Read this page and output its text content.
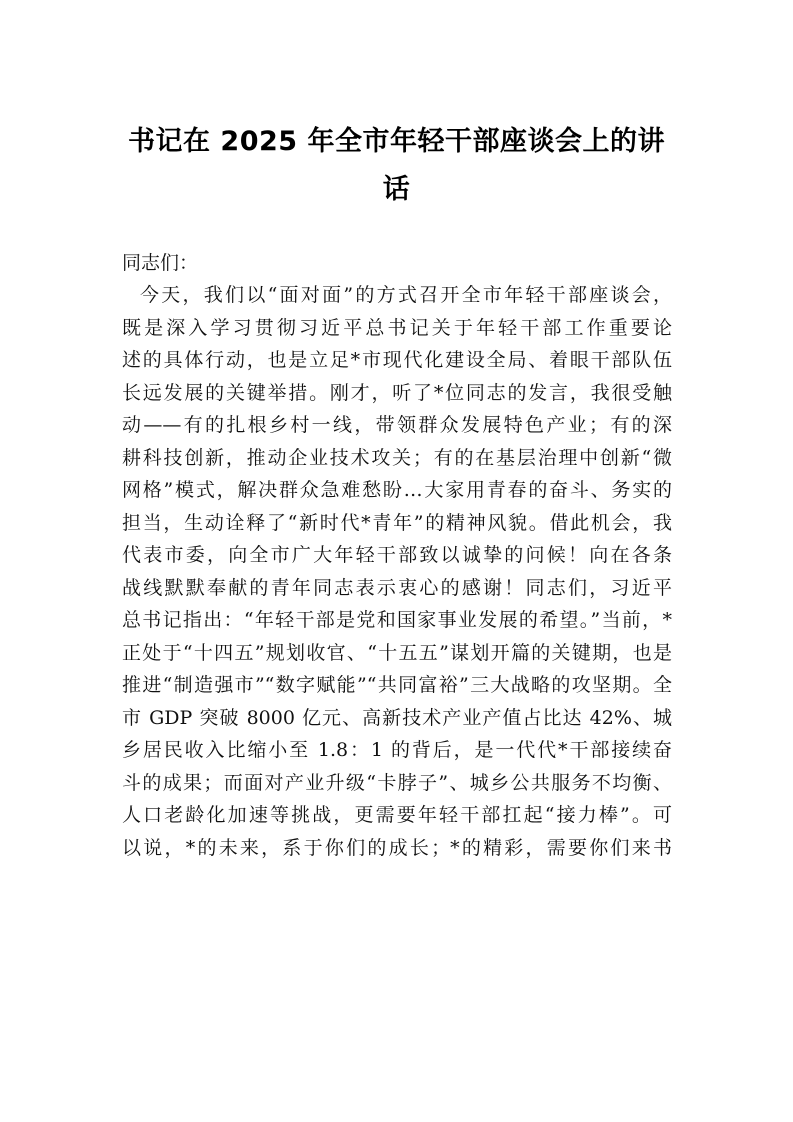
书记在 2025 年全市年轻干部座谈会上的讲
话
同志们：
今天，我们以“面对面”的方式召开全市年轻干部座谈会，
既是深入学习贯彻习近平总书记关于年轻干部工作重要论
述的具体行动，也是立足*市现代化建设全局、着眼干部队伍
长远发展的关键举措。刚才，听了*位同志的发言，我很受触
动——有的扎根乡村一线，带领群众发展特色产业；有的深
耕科技创新，推动企业技术攻关；有的在基层治理中创新“微
网格”模式，解决群众急难愁盼…大家用青春的奋斗、务实的
担当，生动诠释了“新时代*青年”的精神风貌。借此机会，我
代表市委，向全市广大年轻干部致以诚挚的问候！向在各条
战线默默奉献的青年同志表示衷心的感谢！同志们，习近平
总书记指出：“年轻干部是党和国家事业发展的希望。”当前，*
正处于“十四五”规划收官、“十五五”谋划开篇的关键期，也是
推进“制造强市”“数字赋能”“共同富裕”三大战略的攻坚期。全
市 GDP 突破 8000 亿元、高新技术产业产值占比达 42%、城
乡居民收入比缩小至 1.8：1 的背后，是一代代*干部接续奋
斗的成果；而面对产业升级“卡脖子”、城乡公共服务不均衡、
人口老龄化加速等挑战，更需要年轻干部扛起“接力棒”。可
以说，*的未来，系于你们的成长；*的精彩，需要你们来书
